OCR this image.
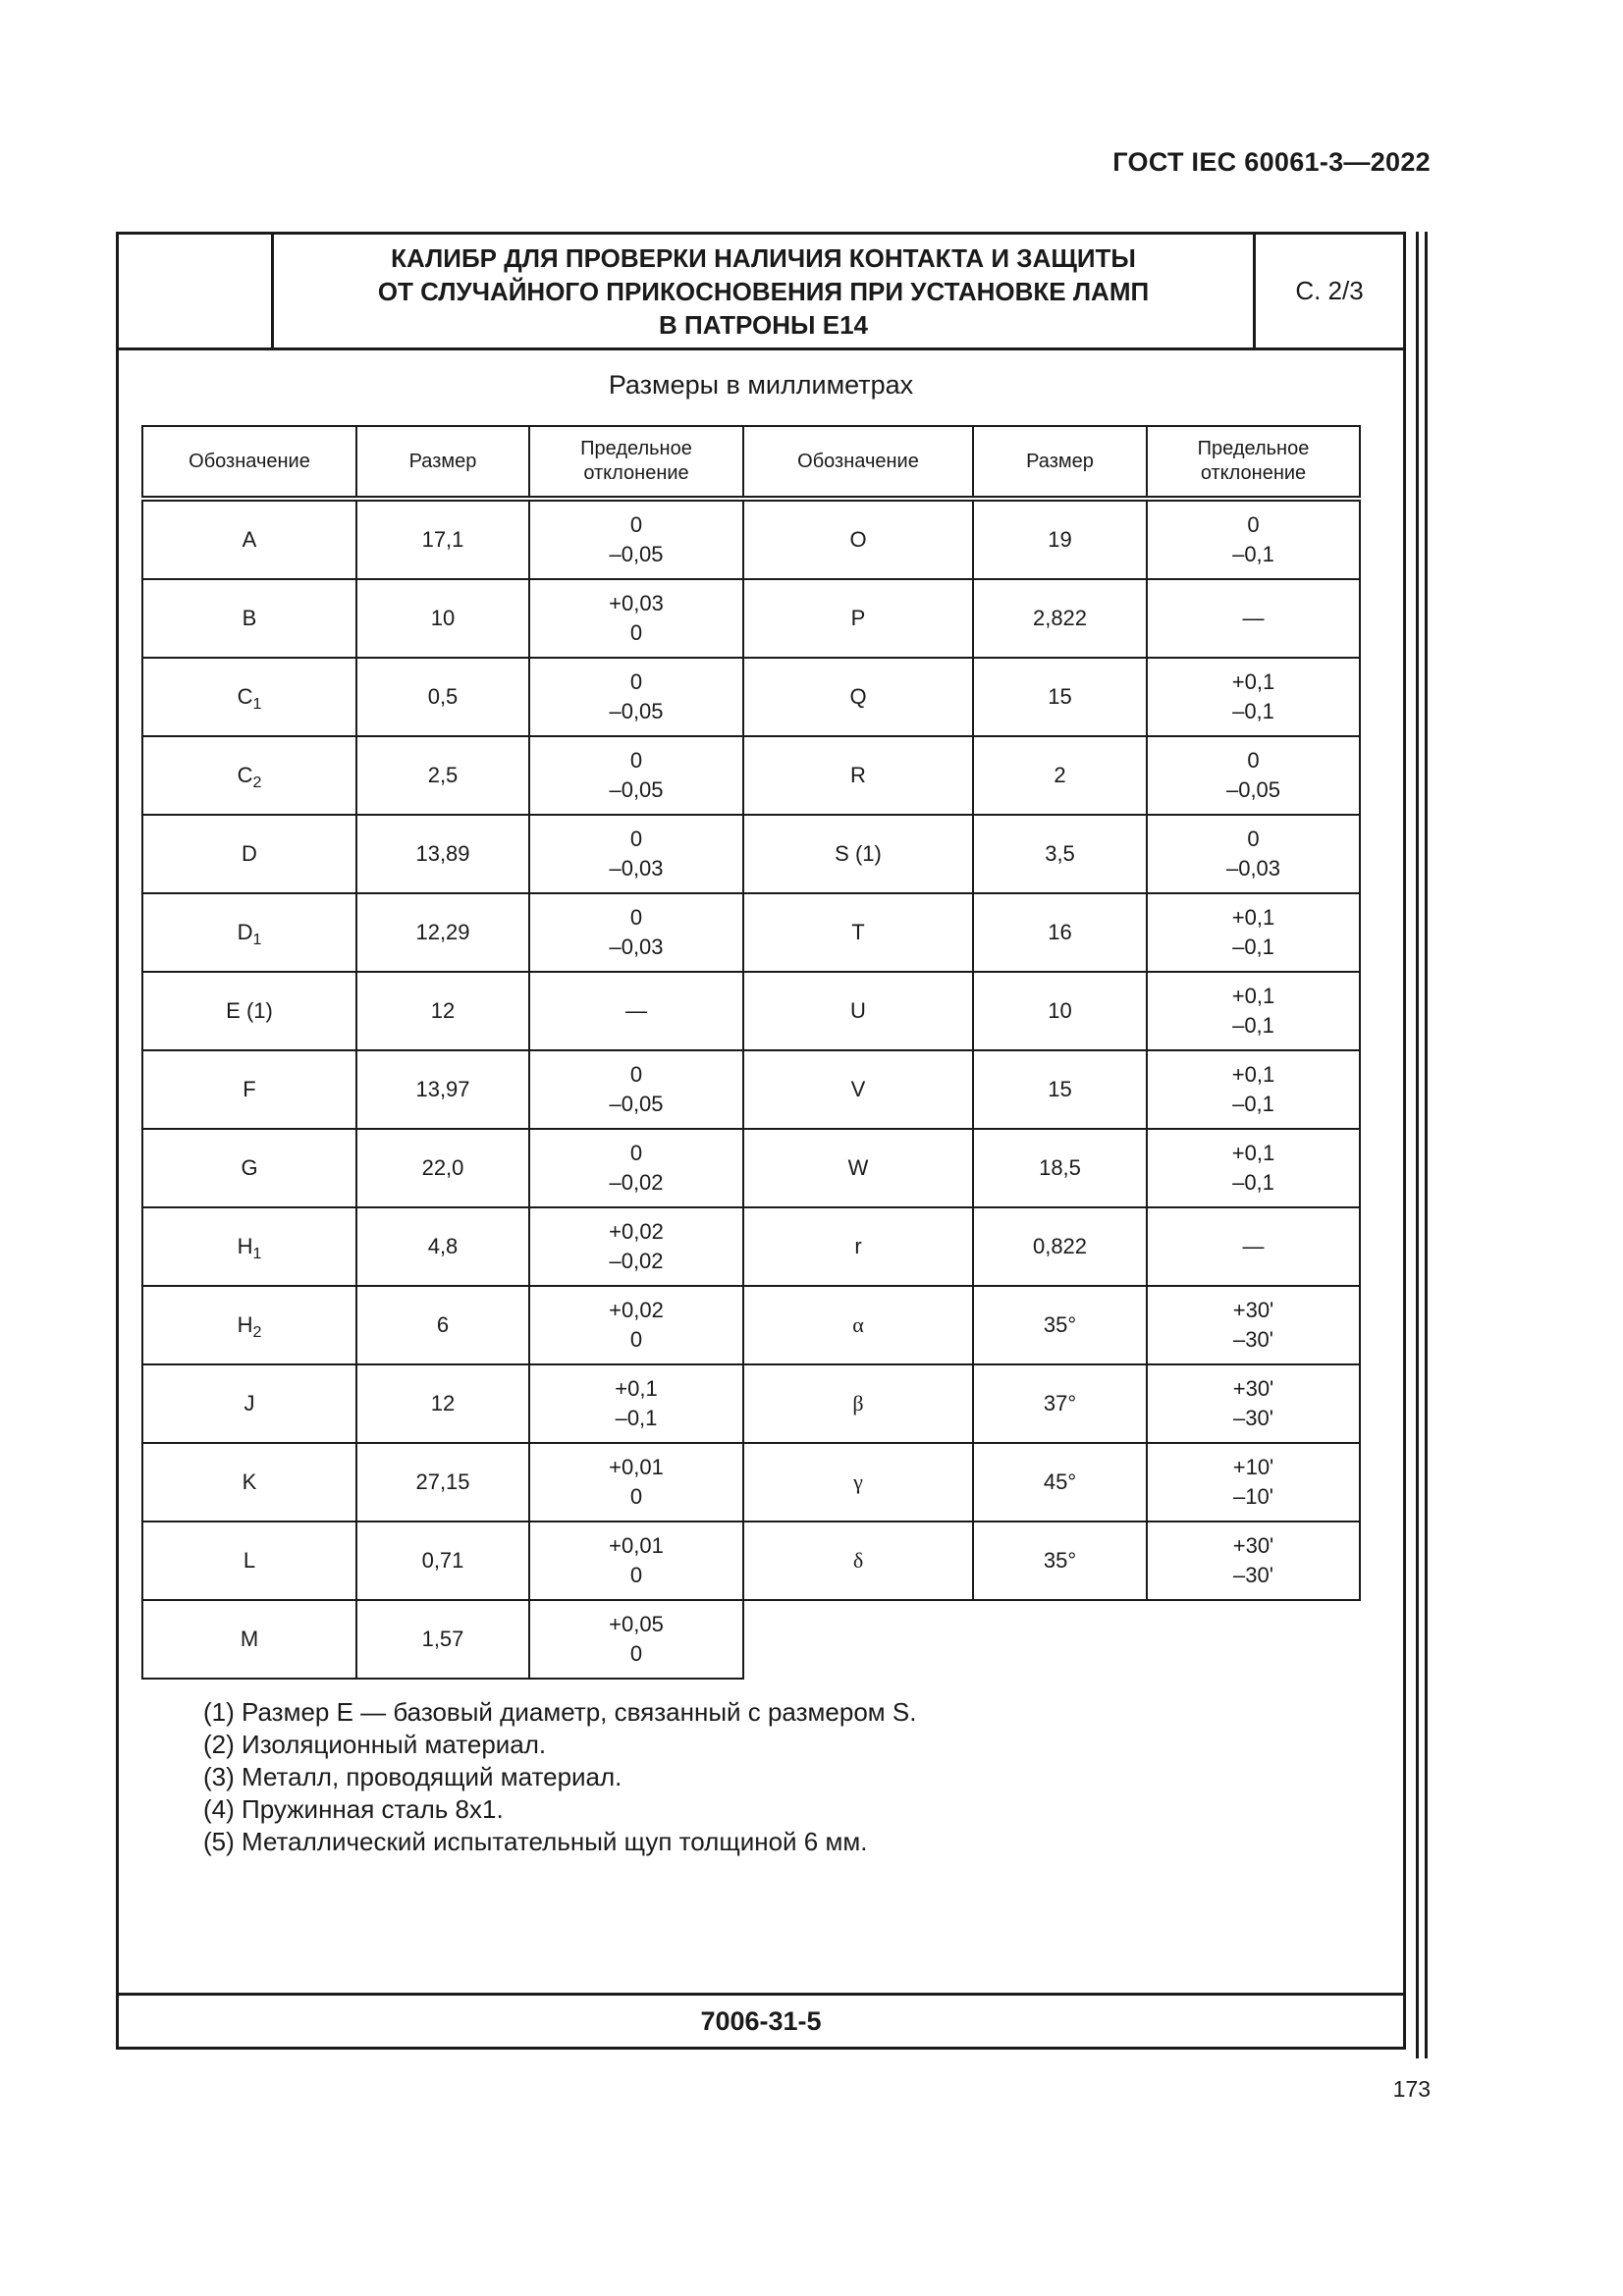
ГОСТ IEC 60061-3—2022
КАЛИБР ДЛЯ ПРОВЕРКИ НАЛИЧИЯ КОНТАКТА И ЗАЩИТЫ
ОТ СЛУЧАЙНОГО ПРИКОСНОВЕНИЯ ПРИ УСТАНОВКЕ ЛАМП
В ПАТРОНЫ E14
С. 2/3
Размеры в миллиметрах
Обозначение	Размер	Предельное отклонение
A	17,1	0
–0,05

B	10	+0,03
0

$C_1$	0,5	0
–0,05

$C_2$	2,5	0
–0,05

D	13,89	0
–0,03

$D_1$	12,29	0
–0,03

E (1)	12	—

F	13,97	0
–0,05

G	22,0	0
–0,02

$H_1$	4,8	+0,02
–0,02

$H_2$	6	+0,02
0

J	12	+0,1
–0,1

K	27,15	+0,01
0

L	0,71	+0,01
0

M	1,57	+0,05
0
Обозначение	Размер	Предельное отклонение
O	19	0
–0,1

P	2,822	—

Q	15	+0,1
–0,1

R	2	0
–0,05

S (1)	3,5	0
–0,03

T	16	+0,1
–0,1

U	10	+0,1
–0,1

V	15	+0,1
–0,1

W	18,5	+0,1
–0,1

r	0,822	—

α	35°	+30'
–30'

β	37°	+30'
–30'

γ	45°	+10'
–10'

δ	35°	+30'
–30'
(1) Размер E — базовый диаметр, связанный с размером S.
(2) Изоляционный материал.
(3) Металл, проводящий материал.
(4) Пружинная сталь 8x1.
(5) Металлический испытательный щуп толщиной 6 мм.
7006-31-5
173
